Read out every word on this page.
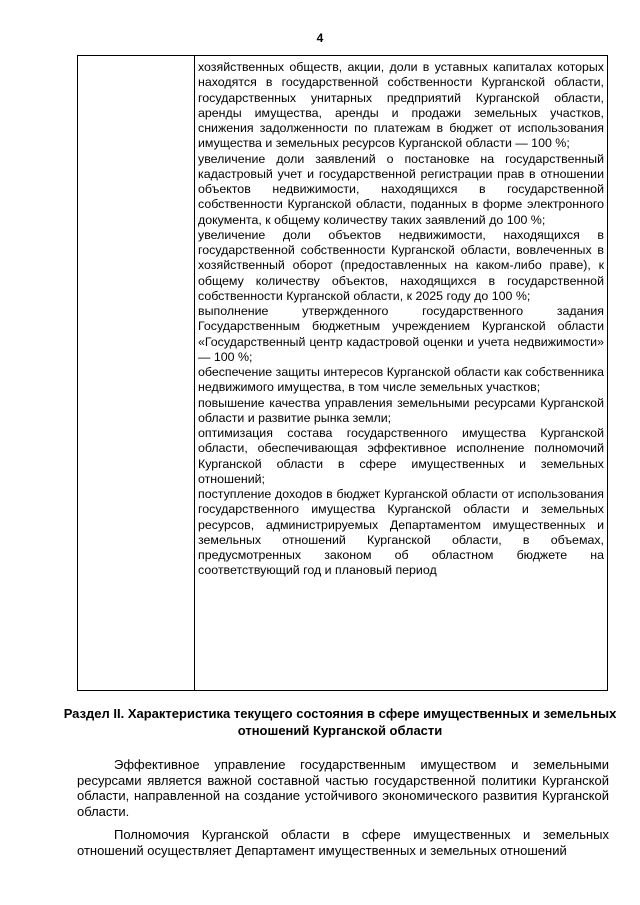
4
хозяйственных обществ, акции, доли в уставных капиталах которых находятся в государственной собственности Курганской области, государственных унитарных предприятий Курганской области, аренды имущества, аренды и продажи земельных участков, снижения задолженности по платежам в бюджет от использования имущества и земельных ресурсов Курганской области — 100 %;
увеличение доли заявлений о постановке на государственный кадастровый учет и государственной регистрации прав в отношении объектов недвижимости, находящихся в государственной собственности Курганской области, поданных в форме электронного документа, к общему количеству таких заявлений до 100 %;
увеличение доли объектов недвижимости, находящихся в государственной собственности Курганской области, вовлеченных в хозяйственный оборот (предоставленных на каком-либо праве), к общему количеству объектов, находящихся в государственной собственности Курганской области, к 2025 году до 100 %;
выполнение утвержденного государственного задания Государственным бюджетным учреждением Курганской области «Государственный центр кадастровой оценки и учета недвижимости» — 100 %;
обеспечение защиты интересов Курганской области как собственника недвижимого имущества, в том числе земельных участков;
повышение качества управления земельными ресурсами Курганской области и развитие рынка земли;
оптимизация состава государственного имущества Курганской области, обеспечивающая эффективное исполнение полномочий Курганской области в сфере имущественных и земельных отношений;
поступление доходов в бюджет Курганской области от использования государственного имущества Курганской области и земельных ресурсов, администрируемых Департаментом имущественных и земельных отношений Курганской области, в объемах, предусмотренных законом об областном бюджете на соответствующий год и плановый период
Раздел II. Характеристика текущего состояния в сфере имущественных и земельных отношений Курганской области

Эффективное управление государственным имуществом и земельными ресурсами является важной составной частью государственной политики Курганской области, направленной на создание устойчивого экономического развития Курганской области.

Полномочия Курганской области в сфере имущественных и земельных отношений осуществляет Департамент имущественных и земельных отношений
